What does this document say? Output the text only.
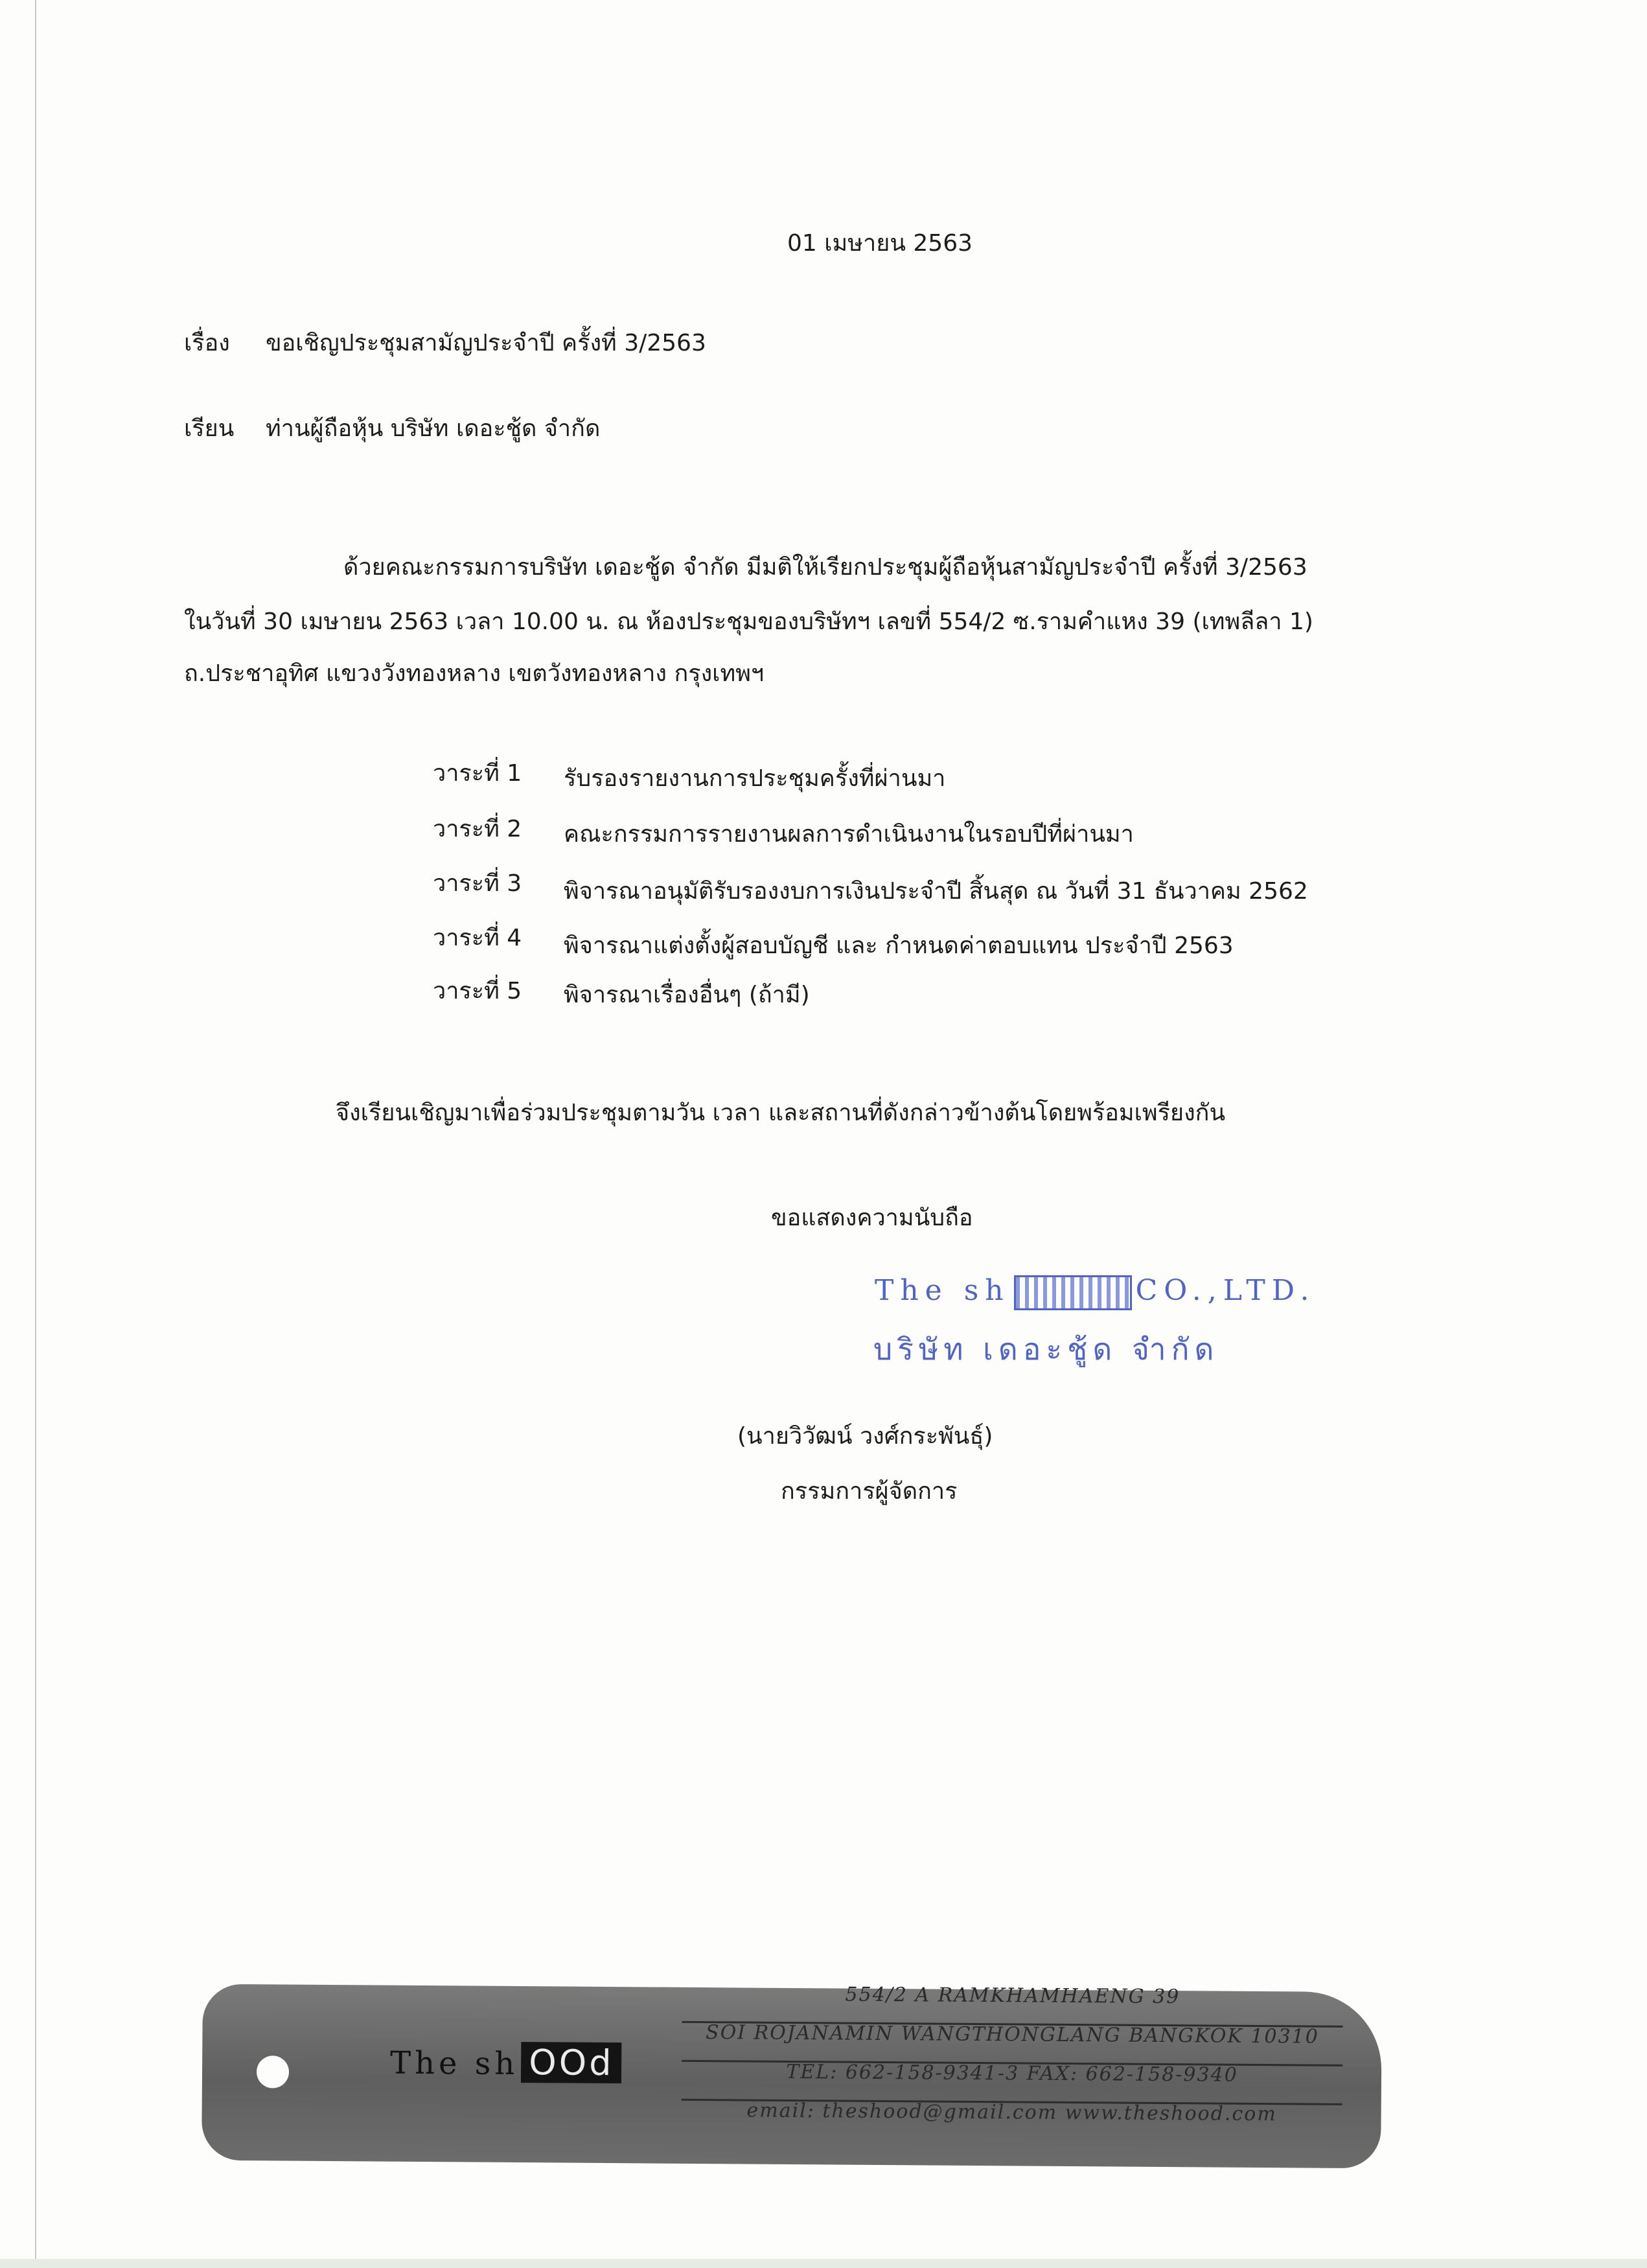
01 เมษายน 2563
เรื่อง ขอเชิญประชุมสามัญประจำปี ครั้งที่ 3/2563
เรียน ท่านผู้ถือหุ้น บริษัท เดอะชู้ด จำกัด
ด้วยคณะกรรมการบริษัท เดอะชู้ด จำกัด มีมติให้เรียกประชุมผู้ถือหุ้นสามัญประจำปี ครั้งที่ 3/2563
ในวันที่ 30 เมษายน 2563 เวลา 10.00 น. ณ ห้องประชุมของบริษัทฯ เลขที่ 554/2 ซ.รามคำแหง 39 (เทพลีลา 1)
ถ.ประชาอุทิศ แขวงวังทองหลาง เขตวังทองหลาง กรุงเทพฯ
วาระที่ 1 รับรองรายงานการประชุมครั้งที่ผ่านมา
วาระที่ 2 คณะกรรมการรายงานผลการดำเนินงานในรอบปีที่ผ่านมา
วาระที่ 3 พิจารณาอนุมัติรับรองงบการเงินประจำปี สิ้นสุด ณ วันที่ 31 ธันวาคม 2562
วาระที่ 4 พิจารณาแต่งตั้งผู้สอบบัญชี และ กำหนดค่าตอบแทน ประจำปี 2563
วาระที่ 5 พิจารณาเรื่องอื่นๆ (ถ้ามี)
จึงเรียนเชิญมาเพื่อร่วมประชุมตามวัน เวลา และสถานที่ดังกล่าวข้างต้นโดยพร้อมเพรียงกัน
ขอแสดงความนับถือ
The sh	CO.,LTD.
บริษัท เดอะชู้ด จำกัด
(นายวิวัฒน์ วงศ์กระพันธุ์)
กรรมการผู้จัดการ
The sh OOd
554/2 A RAMKHAMHAENG 39
SOI ROJANAMIN WANGTHONGLANG BANGKOK 10310
TEL: 662-158-9341-3 FAX: 662-158-9340
email: theshood@gmail.com www.theshood.com
